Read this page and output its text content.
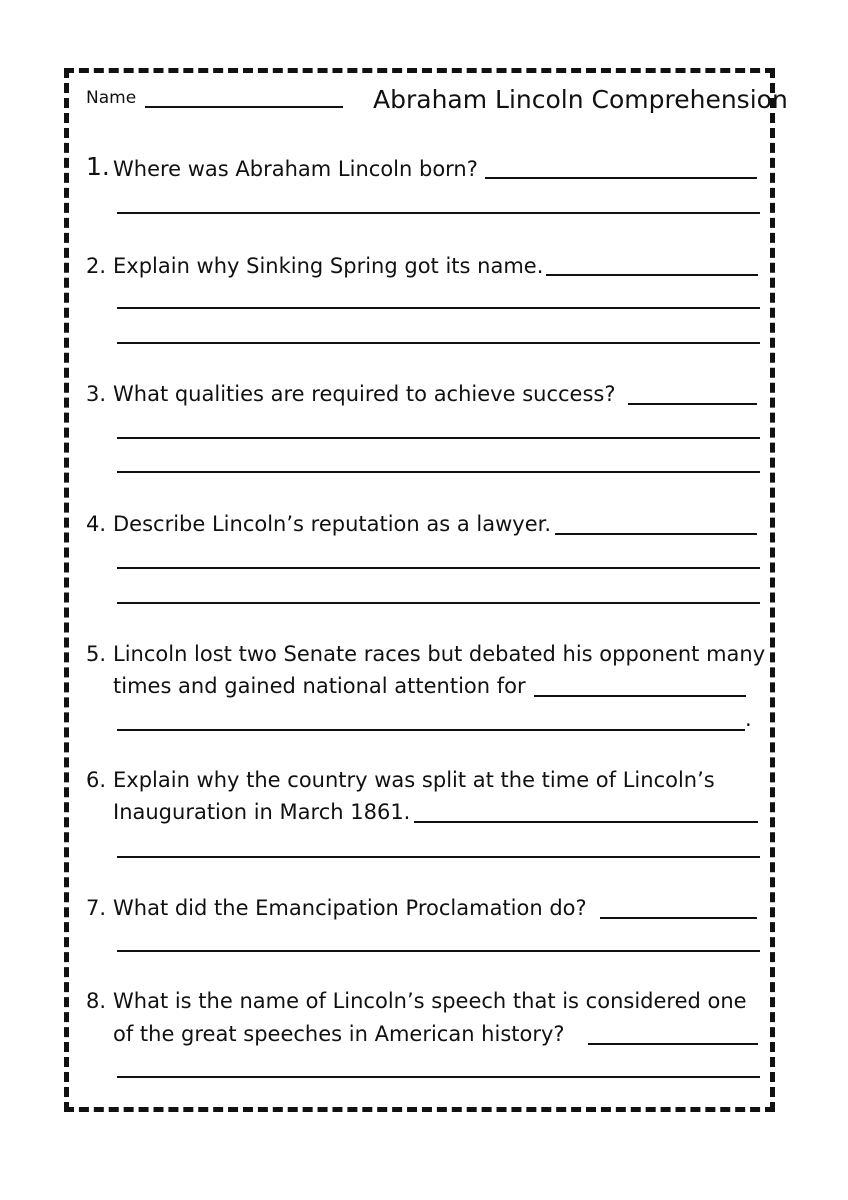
Name	Abraham Lincoln Comprehension
1. Where was Abraham Lincoln born?
2. Explain why Sinking Spring got its name.
3. What qualities are required to achieve success?
4. Describe Lincoln’s reputation as a lawyer.
5. Lincoln lost two Senate races but debated his opponent many
times and gained national attention for
.
6. Explain why the country was split at the time of Lincoln’s
Inauguration in March 1861.
7. What did the Emancipation Proclamation do?
8. What is the name of Lincoln’s speech that is considered one
of the great speeches in American history?
